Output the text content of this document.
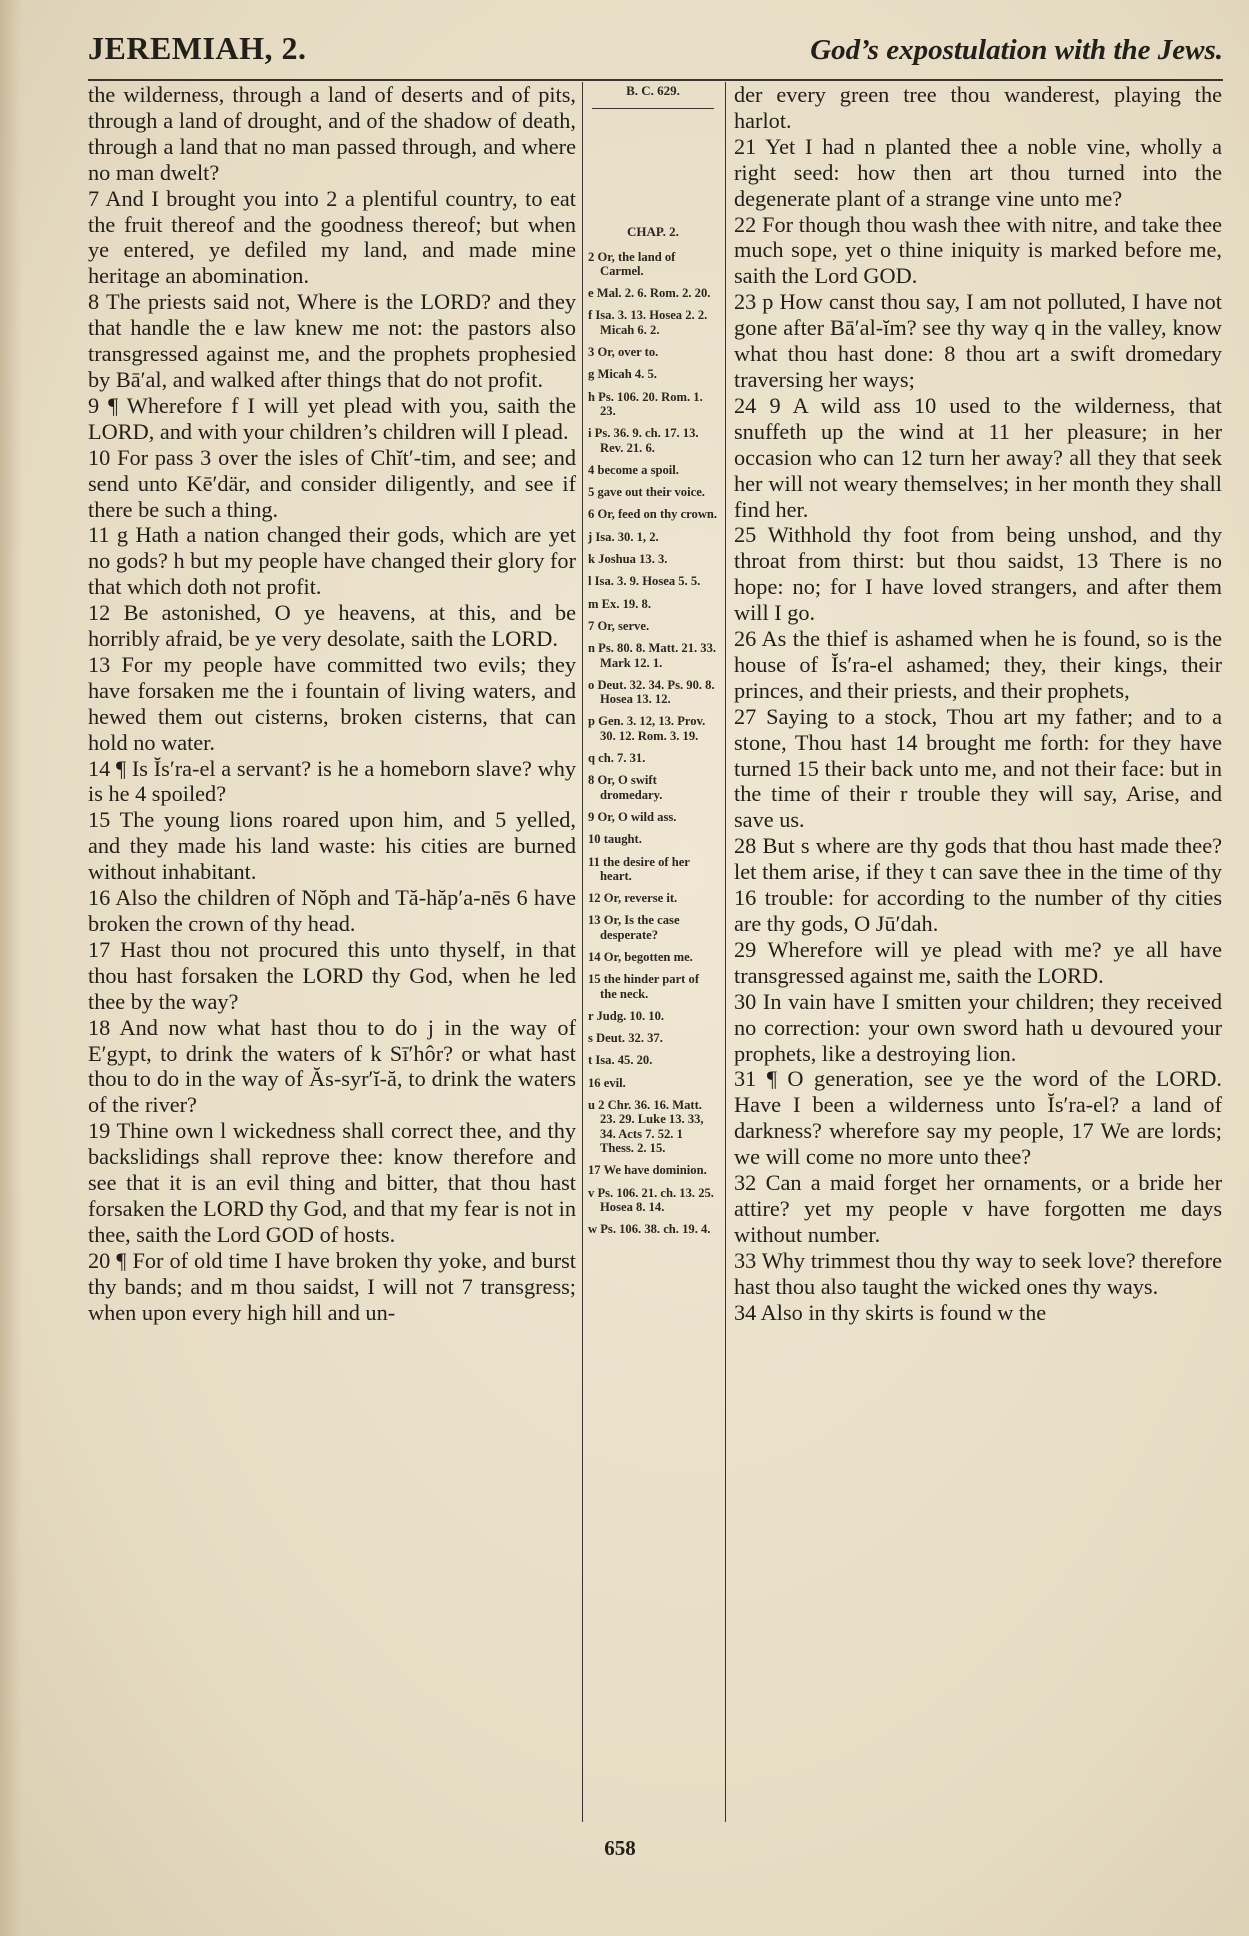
JEREMIAH, 2.	God’s expostulation with the Jews.

the wilderness, through a land of deserts and of pits, through a land of drought, and of the shadow of death, through a land that no man passed through, and where no man dwelt?

7 And I brought you into 2 a plentiful country, to eat the fruit thereof and the goodness thereof; but when ye entered, ye defiled my land, and made mine heritage an abomination.

8 The priests said not, Where is the LORD? and they that handle the e law knew me not: the pastors also transgressed against me, and the prophets prophesied by Bā′al, and walked after things that do not profit.

9 ¶ Wherefore f I will yet plead with you, saith the LORD, and with your children’s children will I plead.

10 For pass 3 over the isles of Chĭt′-tim, and see; and send unto Kē′där, and consider diligently, and see if there be such a thing.

11 g Hath a nation changed their gods, which are yet no gods? h but my people have changed their glory for that which doth not profit.

12 Be astonished, O ye heavens, at this, and be horribly afraid, be ye very desolate, saith the LORD.

13 For my people have committed two evils; they have forsaken me the i fountain of living waters, and hewed them out cisterns, broken cisterns, that can hold no water.

14 ¶ Is Ĭs′ra-el a servant? is he a homeborn slave? why is he 4 spoiled?

15 The young lions roared upon him, and 5 yelled, and they made his land waste: his cities are burned without inhabitant.

16 Also the children of Nŏph and Tă-hăp′a-nēs 6 have broken the crown of thy head.

17 Hast thou not procured this unto thyself, in that thou hast forsaken the LORD thy God, when he led thee by the way?

18 And now what hast thou to do j in the way of E′gypt, to drink the waters of k Sī′hôr? or what hast thou to do in the way of Ăs-syr′ĭ-ă, to drink the waters of the river?

19 Thine own l wickedness shall correct thee, and thy backslidings shall reprove thee: know therefore and see that it is an evil thing and bitter, that thou hast forsaken the LORD thy God, and that my fear is not in thee, saith the Lord GOD of hosts.

20 ¶ For of old time I have broken thy yoke, and burst thy bands; and m thou saidst, I will not 7 transgress; when upon every high hill and un-

B. C. 629.
CHAP. 2.
2 Or, the land of Carmel.
e Mal. 2. 6. Rom. 2. 20.
f Isa. 3. 13. Hosea 2. 2. Micah 6. 2.
3 Or, over to.
g Micah 4. 5.
h Ps. 106. 20. Rom. 1. 23.
i Ps. 36. 9. ch. 17. 13. Rev. 21. 6.
4 become a spoil.
5 gave out their voice.
6 Or, feed on thy crown.
j Isa. 30. 1, 2.
k Joshua 13. 3.
l Isa. 3. 9. Hosea 5. 5.
m Ex. 19. 8.
7 Or, serve.
n Ps. 80. 8. Matt. 21. 33. Mark 12. 1.
o Deut. 32. 34. Ps. 90. 8. Hosea 13. 12.
p Gen. 3. 12, 13. Prov. 30. 12. Rom. 3. 19.
q ch. 7. 31.
8 Or, O swift dromedary.
9 Or, O wild ass.
10 taught.
11 the desire of her heart.
12 Or, reverse it.
13 Or, Is the case desperate?
14 Or, begotten me.
15 the hinder part of the neck.
r Judg. 10. 10.
s Deut. 32. 37.
t Isa. 45. 20.
16 evil.
u 2 Chr. 36. 16. Matt. 23. 29. Luke 13. 33, 34. Acts 7. 52. 1 Thess. 2. 15.
17 We have dominion.
v Ps. 106. 21. ch. 13. 25. Hosea 8. 14.
w Ps. 106. 38. ch. 19. 4.

der every green tree thou wanderest, playing the harlot.

21 Yet I had n planted thee a noble vine, wholly a right seed: how then art thou turned into the degenerate plant of a strange vine unto me?

22 For though thou wash thee with nitre, and take thee much sope, yet o thine iniquity is marked before me, saith the Lord GOD.

23 p How canst thou say, I am not polluted, I have not gone after Bā′al-ĭm? see thy way q in the valley, know what thou hast done: 8 thou art a swift dromedary traversing her ways;

24 9 A wild ass 10 used to the wilderness, that snuffeth up the wind at 11 her pleasure; in her occasion who can 12 turn her away? all they that seek her will not weary themselves; in her month they shall find her.

25 Withhold thy foot from being unshod, and thy throat from thirst: but thou saidst, 13 There is no hope: no; for I have loved strangers, and after them will I go.

26 As the thief is ashamed when he is found, so is the house of Ĭs′ra-el ashamed; they, their kings, their princes, and their priests, and their prophets,

27 Saying to a stock, Thou art my father; and to a stone, Thou hast 14 brought me forth: for they have turned 15 their back unto me, and not their face: but in the time of their r trouble they will say, Arise, and save us.

28 But s where are thy gods that thou hast made thee? let them arise, if they t can save thee in the time of thy 16 trouble: for according to the number of thy cities are thy gods, O Jū′dah.

29 Wherefore will ye plead with me? ye all have transgressed against me, saith the LORD.

30 In vain have I smitten your children; they received no correction: your own sword hath u devoured your prophets, like a destroying lion.

31 ¶ O generation, see ye the word of the LORD. Have I been a wilderness unto Ĭs′ra-el? a land of darkness? wherefore say my people, 17 We are lords; we will come no more unto thee?

32 Can a maid forget her ornaments, or a bride her attire? yet my people v have forgotten me days without number.

33 Why trimmest thou thy way to seek love? therefore hast thou also taught the wicked ones thy ways.

34 Also in thy skirts is found w the

658
